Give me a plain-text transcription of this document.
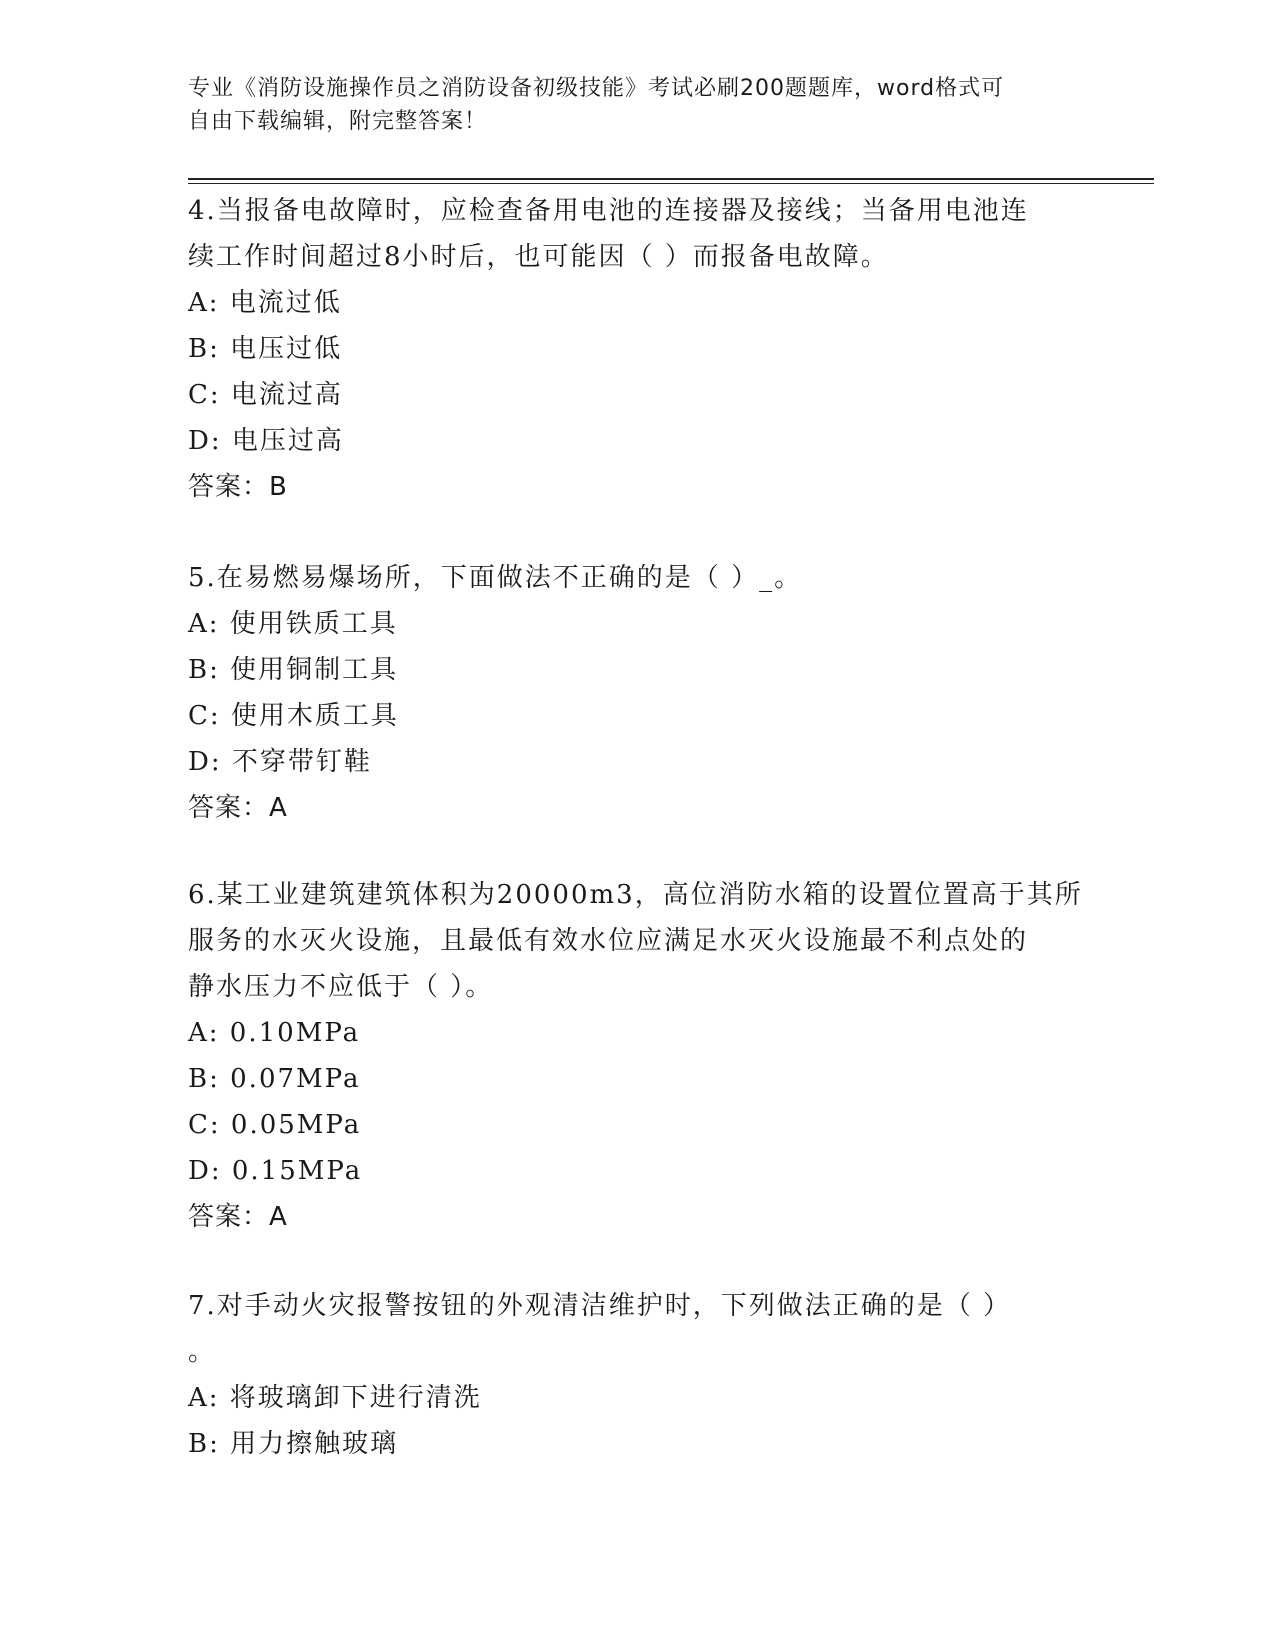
专业《消防设施操作员之消防设备初级技能》考试必刷200题题库，word格式可
自由下载编辑，附完整答案！
4.当报备电故障时，应检查备用电池的连接器及接线；当备用电池连
续工作时间超过8小时后，也可能因（ ）而报备电故障。
A: 电流过低
B: 电压过低
C: 电流过高
D: 电压过高
答案：B
5.在易燃易爆场所，下面做法不正确的是（ ）_。
A: 使用铁质工具
B: 使用铜制工具
C: 使用木质工具
D: 不穿带钉鞋
答案：A
6.某工业建筑建筑体积为20000m3，高位消防水箱的设置位置高于其所
服务的水灭火设施，且最低有效水位应满足水灭火设施最不利点处的
静水压力不应低于（ ）。
A: 0.10MPa
B: 0.07MPa
C: 0.05MPa
D: 0.15MPa
答案：A
7.对手动火灾报警按钮的外观清洁维护时，下列做法正确的是（ ）
。
A: 将玻璃卸下进行清洗
B: 用力擦触玻璃
